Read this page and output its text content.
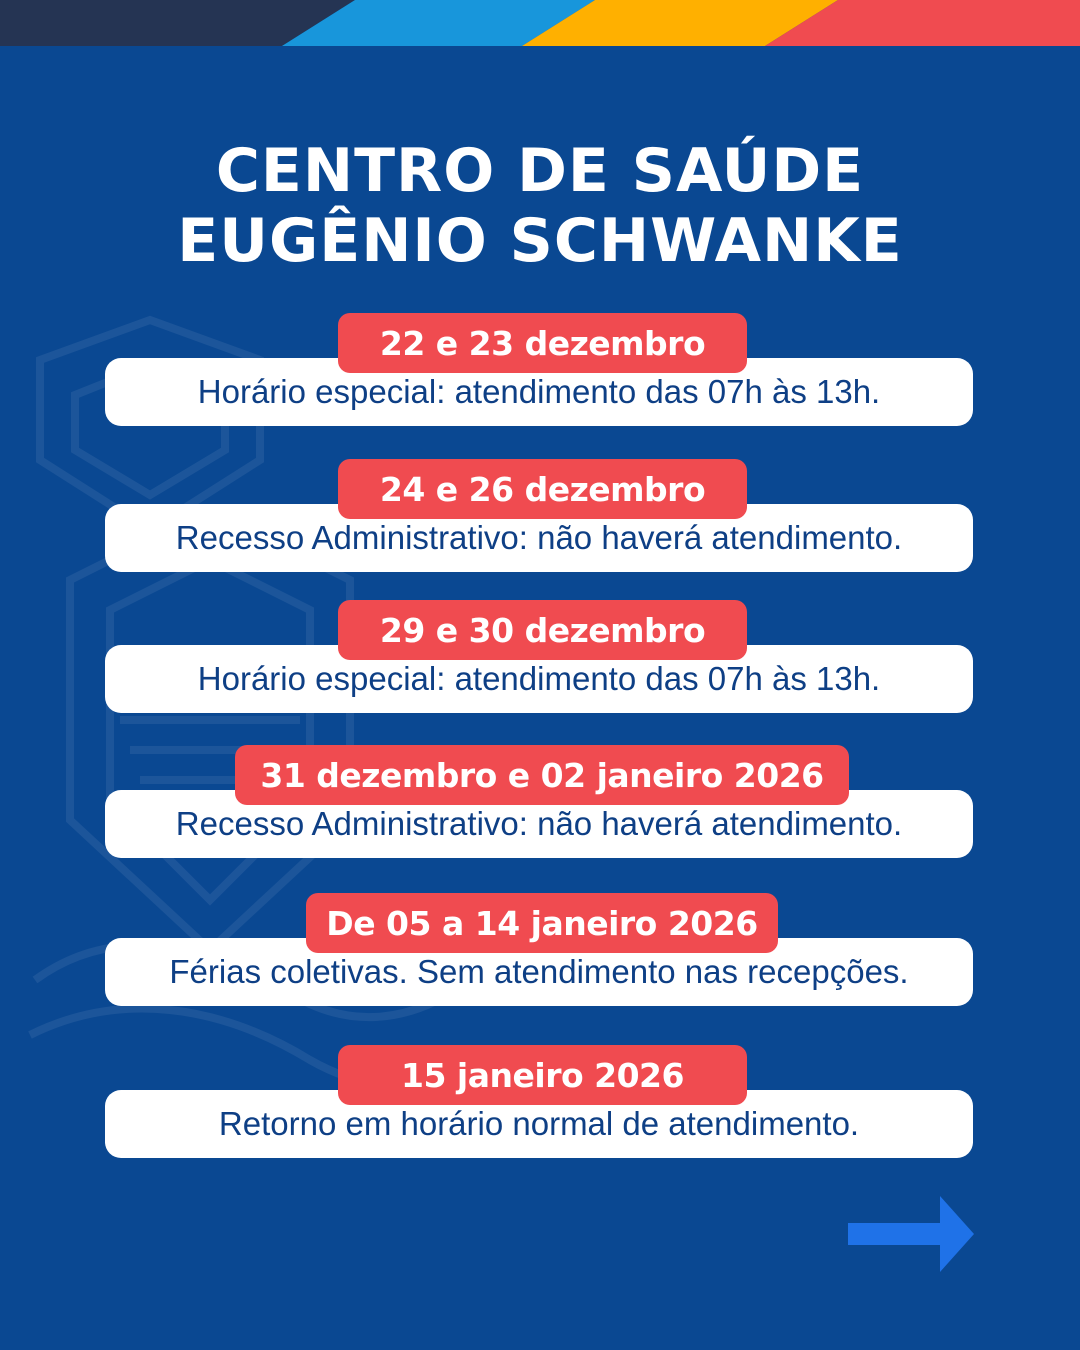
CENTRO DE SAÚDE
EUGÊNIO SCHWANKE
22 e 23 dezembro
Horário especial: atendimento das 07h às 13h.
24 e 26 dezembro
Recesso Administrativo: não haverá atendimento.
29 e 30 dezembro
Horário especial: atendimento das 07h às 13h.
31 dezembro e 02 janeiro 2026
Recesso Administrativo: não haverá atendimento.
De 05 a 14 janeiro 2026
Férias coletivas. Sem atendimento nas recepções.
15 janeiro 2026
Retorno em horário normal de atendimento.
